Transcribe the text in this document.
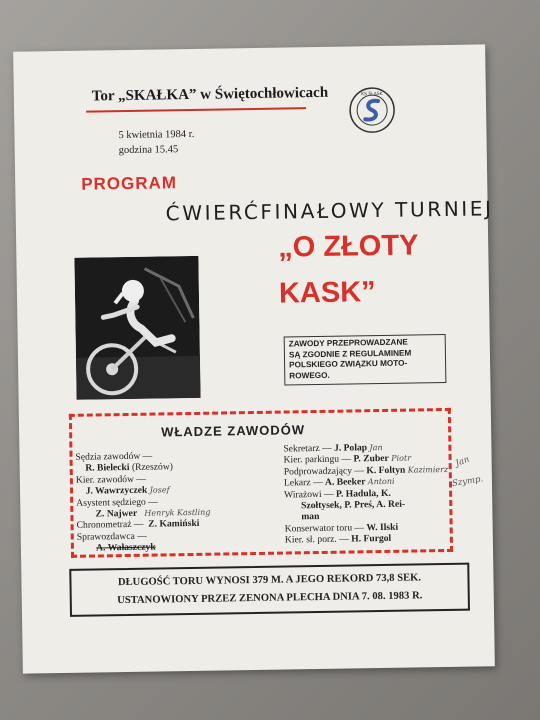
Tor „SKAŁKA” w Świętochłowicach
5 kwietnia 1984 r.
godzina 15.45
KS ŚLĄSK
PROGRAM
ĆWIERĆFINAŁOWY TURNIEJ
„O ZŁOTY
KASK”
ZAWODY PRZEPROWADZANE
SĄ ZGODNIE Z REGULAMINEM
POLSKIEGO ZWIĄZKU MOTO-
ROWEGO.
WŁADZE ZAWODÓW
Sędzia zawodów —
R. Bielecki (Rzeszów)
Kier. zawodów —
J. Wawrzyczek Josef
Asystent sędziego —
Z. Najwer Henryk Kastling
Chronometraż — Z. Kamiński
Sprawozdawca —
A. Wałaszczyk
Sekretarz — J. Polap Jan
Kier. parkingu — P. Zuber Piotr
Podprowadzający — K. Foltyn Kazimierz
Lekarz — A. Beeker Antoni
Wirażowi — P. Hadula, K.
Szołtysek, P. Preś, A. Rei-
man
Konserwator toru — W. Ilski
Kier. sł. porz. — H. Furgol
Jan
Szymp.
DŁUGOŚĆ TORU WYNOSI 379 M. A JEGO REKORD 73,8 SEK.
USTANOWIONY PRZEZ ZENONA PLECHA DNIA 7. 08. 1983 R.
